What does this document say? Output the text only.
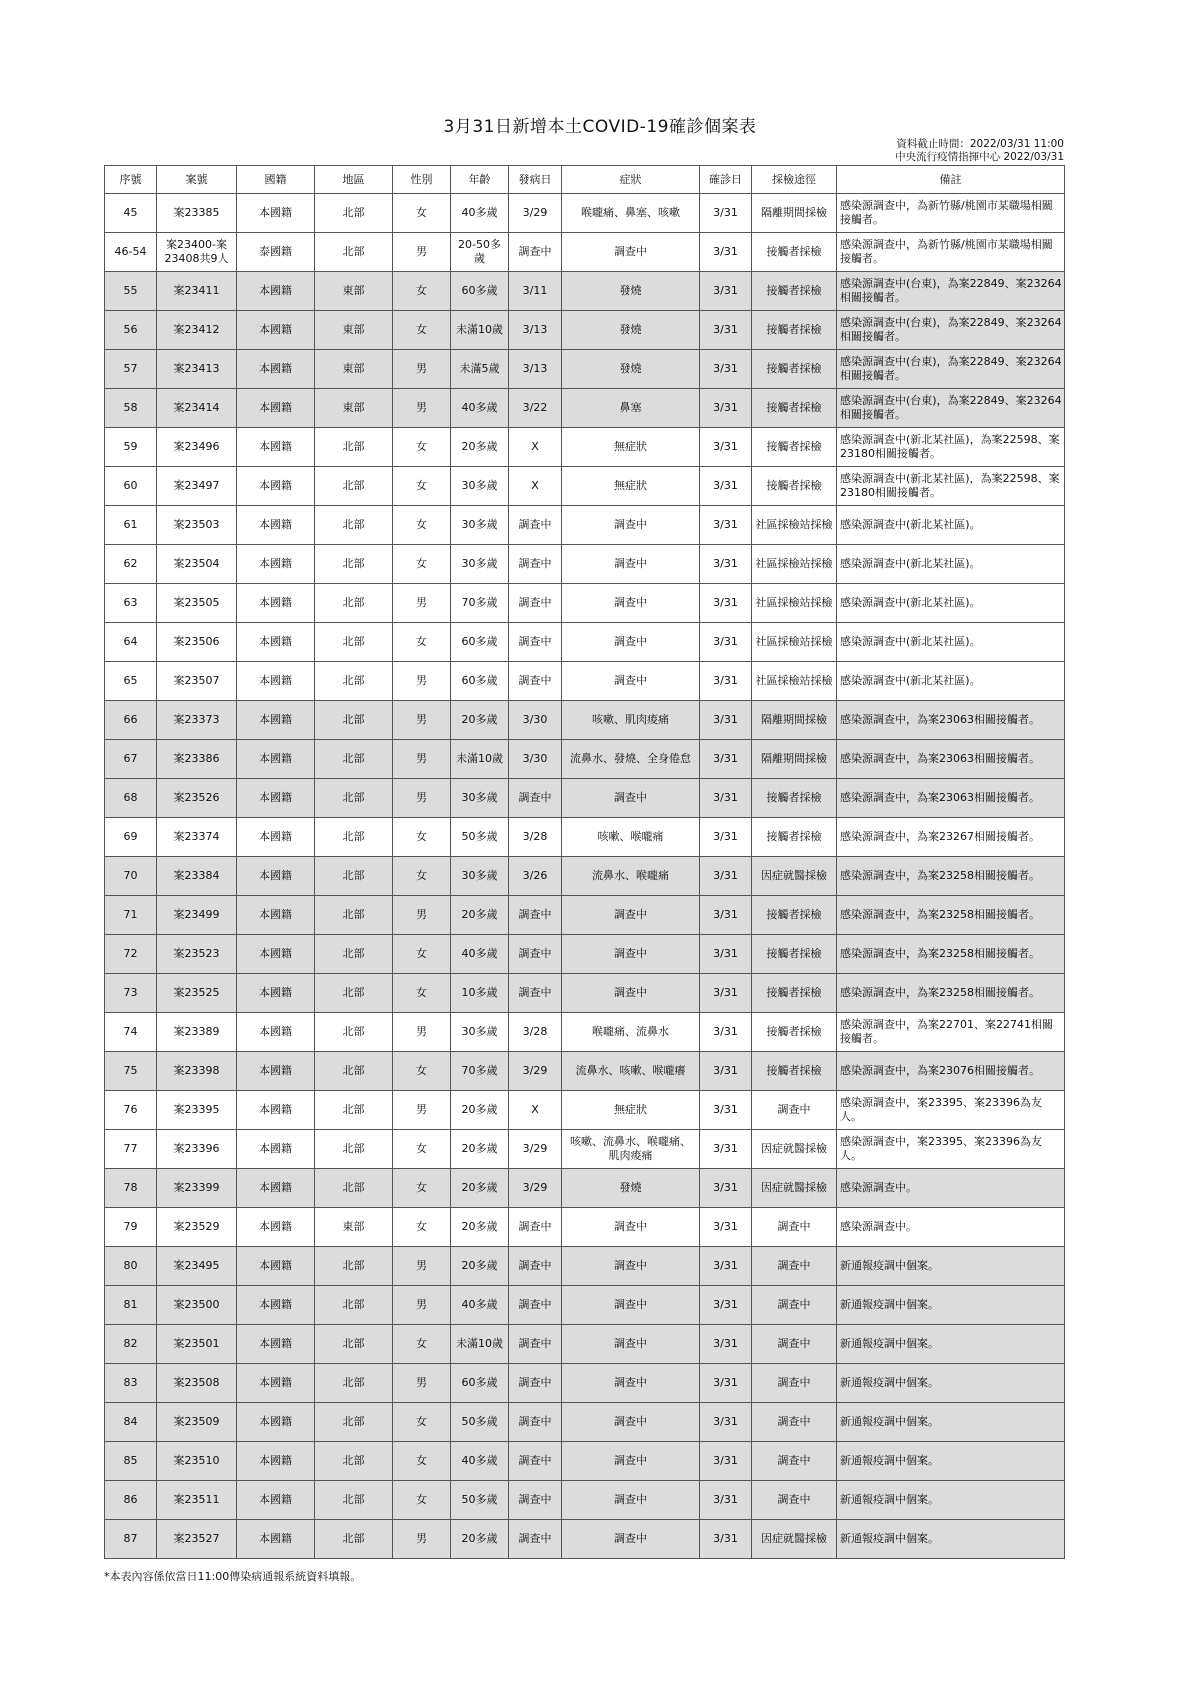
3月31日新增本土COVID-19確診個案表
資料截止時間：2022/03/31 11:00
中央流行疫情指揮中心 2022/03/31
序號	案號	國籍	地區	性別	年齡	發病日	症狀	確診日	採檢途徑	備註
45	案23385	本國籍	北部	女	40多歲	3/29	喉嚨痛、鼻塞、咳嗽	3/31	隔離期間採檢	感染源調查中，為新竹縣/桃園市某職場相關接觸者。
46-54	案23400-案23408共9人	泰國籍	北部	男	20-50多歲	調查中	調查中	3/31	接觸者採檢	感染源調查中，為新竹縣/桃園市某職場相關接觸者。
55	案23411	本國籍	東部	女	60多歲	3/11	發燒	3/31	接觸者採檢	感染源調查中(台東)，為案22849、案23264相關接觸者。
56	案23412	本國籍	東部	女	未滿10歲	3/13	發燒	3/31	接觸者採檢	感染源調查中(台東)，為案22849、案23264相關接觸者。
57	案23413	本國籍	東部	男	未滿5歲	3/13	發燒	3/31	接觸者採檢	感染源調查中(台東)，為案22849、案23264相關接觸者。
58	案23414	本國籍	東部	男	40多歲	3/22	鼻塞	3/31	接觸者採檢	感染源調查中(台東)，為案22849、案23264相關接觸者。
59	案23496	本國籍	北部	女	20多歲	X	無症狀	3/31	接觸者採檢	感染源調查中(新北某社區)，為案22598、案23180相關接觸者。
60	案23497	本國籍	北部	女	30多歲	X	無症狀	3/31	接觸者採檢	感染源調查中(新北某社區)，為案22598、案23180相關接觸者。
61	案23503	本國籍	北部	女	30多歲	調查中	調查中	3/31	社區採檢站採檢	感染源調查中(新北某社區)。
62	案23504	本國籍	北部	女	30多歲	調查中	調查中	3/31	社區採檢站採檢	感染源調查中(新北某社區)。
63	案23505	本國籍	北部	男	70多歲	調查中	調查中	3/31	社區採檢站採檢	感染源調查中(新北某社區)。
64	案23506	本國籍	北部	女	60多歲	調查中	調查中	3/31	社區採檢站採檢	感染源調查中(新北某社區)。
65	案23507	本國籍	北部	男	60多歲	調查中	調查中	3/31	社區採檢站採檢	感染源調查中(新北某社區)。
66	案23373	本國籍	北部	男	20多歲	3/30	咳嗽、肌肉痠痛	3/31	隔離期間採檢	感染源調查中，為案23063相關接觸者。
67	案23386	本國籍	北部	男	未滿10歲	3/30	流鼻水、發燒、全身倦怠	3/31	隔離期間採檢	感染源調查中，為案23063相關接觸者。
68	案23526	本國籍	北部	男	30多歲	調查中	調查中	3/31	接觸者採檢	感染源調查中，為案23063相關接觸者。
69	案23374	本國籍	北部	女	50多歲	3/28	咳嗽、喉嚨痛	3/31	接觸者採檢	感染源調查中，為案23267相關接觸者。
70	案23384	本國籍	北部	女	30多歲	3/26	流鼻水、喉嚨痛	3/31	因症就醫採檢	感染源調查中，為案23258相關接觸者。
71	案23499	本國籍	北部	男	20多歲	調查中	調查中	3/31	接觸者採檢	感染源調查中，為案23258相關接觸者。
72	案23523	本國籍	北部	女	40多歲	調查中	調查中	3/31	接觸者採檢	感染源調查中，為案23258相關接觸者。
73	案23525	本國籍	北部	女	10多歲	調查中	調查中	3/31	接觸者採檢	感染源調查中，為案23258相關接觸者。
74	案23389	本國籍	北部	男	30多歲	3/28	喉嚨痛、流鼻水	3/31	接觸者採檢	感染源調查中，為案22701、案22741相關接觸者。
75	案23398	本國籍	北部	女	70多歲	3/29	流鼻水、咳嗽、喉嚨癢	3/31	接觸者採檢	感染源調查中，為案23076相關接觸者。
76	案23395	本國籍	北部	男	20多歲	X	無症狀	3/31	調查中	感染源調查中，案23395、案23396為友人。
77	案23396	本國籍	北部	女	20多歲	3/29	咳嗽、流鼻水、喉嚨痛、肌肉痠痛	3/31	因症就醫採檢	感染源調查中，案23395、案23396為友人。
78	案23399	本國籍	北部	女	20多歲	3/29	發燒	3/31	因症就醫採檢	感染源調查中。
79	案23529	本國籍	東部	女	20多歲	調查中	調查中	3/31	調查中	感染源調查中。
80	案23495	本國籍	北部	男	20多歲	調查中	調查中	3/31	調查中	新通報疫調中個案。
81	案23500	本國籍	北部	男	40多歲	調查中	調查中	3/31	調查中	新通報疫調中個案。
82	案23501	本國籍	北部	女	未滿10歲	調查中	調查中	3/31	調查中	新通報疫調中個案。
83	案23508	本國籍	北部	男	60多歲	調查中	調查中	3/31	調查中	新通報疫調中個案。
84	案23509	本國籍	北部	女	50多歲	調查中	調查中	3/31	調查中	新通報疫調中個案。
85	案23510	本國籍	北部	女	40多歲	調查中	調查中	3/31	調查中	新通報疫調中個案。
86	案23511	本國籍	北部	女	50多歲	調查中	調查中	3/31	調查中	新通報疫調中個案。
87	案23527	本國籍	北部	男	20多歲	調查中	調查中	3/31	因症就醫採檢	新通報疫調中個案。
*本表內容係依當日11:00傳染病通報系統資料填報。
